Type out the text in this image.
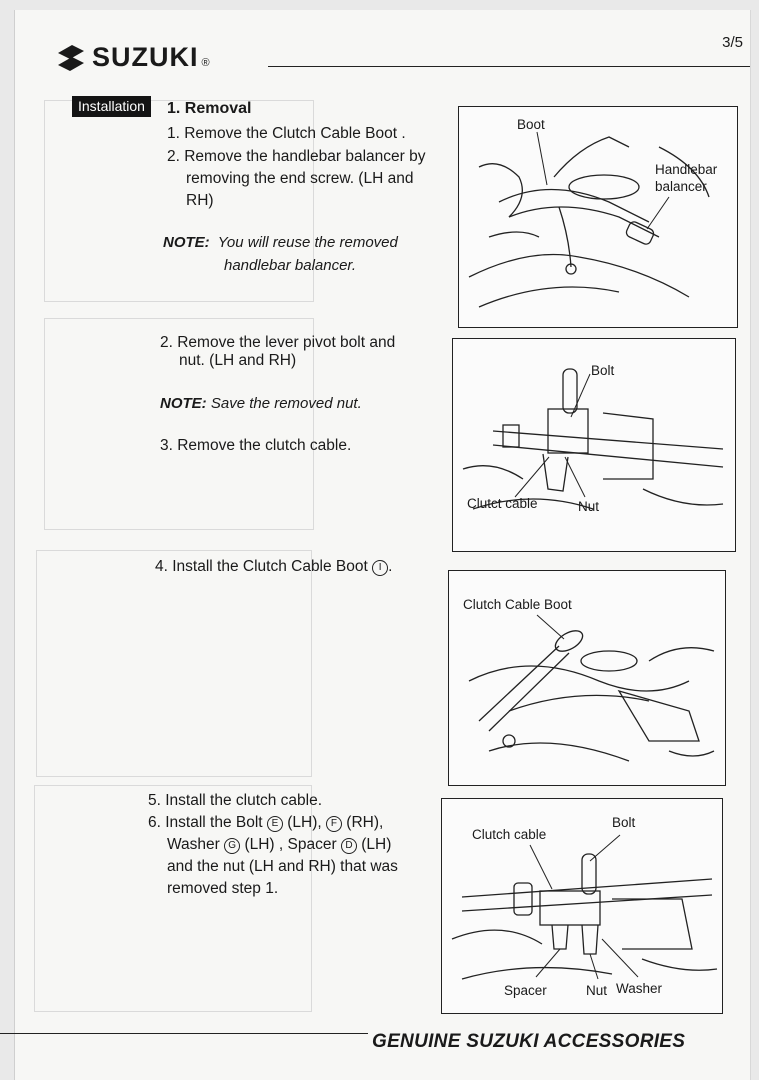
SUZUKI ®
3/5
Installation	1. Removal
1. Remove the Clutch Cable Boot .
2. Remove the handlebar balancer by
removing the end screw. (LH and
RH)
NOTE: You will reuse the removed
handlebar balancer.
Boot
Handlebar
balancer
2. Remove the lever pivot bolt and
nut. (LH and RH)
NOTE: Save the removed nut.
3. Remove the clutch cable.
Bolt
Clutct cable	Nut
4. Install the Clutch Cable Boot I .
Clutch Cable Boot
5. Install the clutch cable.
6. Install the Bolt E (LH), F (RH),
Washer G (LH) , Spacer D (LH)
and the nut (LH and RH) that was
removed step 1.
Clutch cable
Bolt
Spacer	Nut Washer
GENUINE SUZUKI ACCESSORIES
